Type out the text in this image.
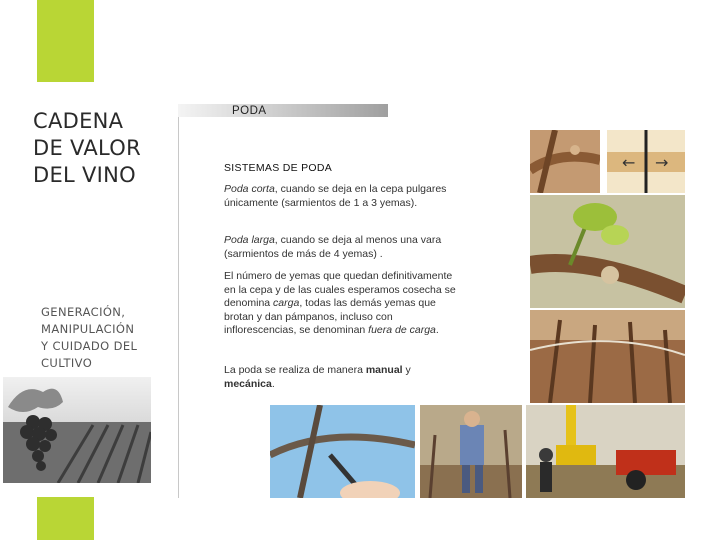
CADENA
DE VALOR
DEL VINO
GENERACIÓN,
MANIPULACIÓN
Y CUIDADO DEL
CULTIVO
PODA
SISTEMAS DE PODA
Poda corta, cuando se deja en la cepa pulgares únicamente (sarmientos de 1 a 3 yemas).
Poda larga, cuando se deja al menos una vara (sarmientos de más de 4 yemas) .
El número de yemas que quedan definitivamente en la cepa y de las cuales esperamos cosecha se denomina carga, todas las demás yemas que brotan y dan pámpanos, incluso con inflorescencias, se denominan fuera de carga.
La poda se realiza de manera manual y mecánica.
← →
